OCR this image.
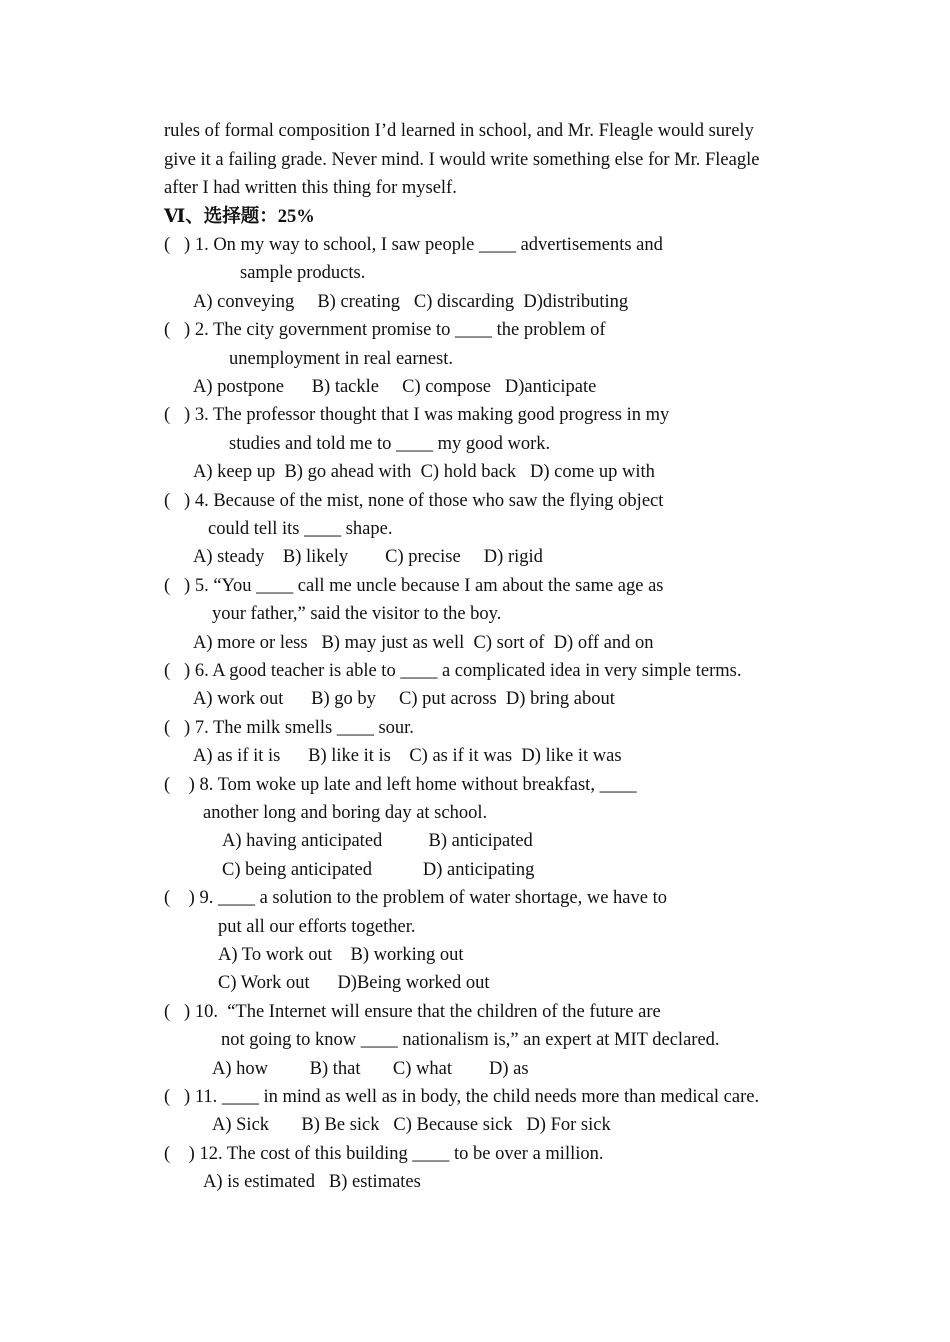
rules of formal composition I’d learned in school, and Mr. Fleagle would surely
give it a failing grade. Never mind. I would write something else for Mr. Fleagle
after I had written this thing for myself.
Ⅵ、选择题：25%
(   ) 1. On my way to school, I saw people ____ advertisements and
sample products.
A) conveying     B) creating   C) discarding  D)distributing
(   ) 2. The city government promise to ____ the problem of
unemployment in real earnest.
A) postpone      B) tackle     C) compose   D)anticipate
(   ) 3. The professor thought that I was making good progress in my
studies and told me to ____ my good work.
A) keep up  B) go ahead with  C) hold back   D) come up with
(   ) 4. Because of the mist, none of those who saw the flying object
could tell its ____ shape.
A) steady    B) likely        C) precise     D) rigid
(   ) 5. “You ____ call me uncle because I am about the same age as
your father,” said the visitor to the boy.
A) more or less   B) may just as well  C) sort of  D) off and on
(   ) 6. A good teacher is able to ____ a complicated idea in very simple terms.
A) work out      B) go by     C) put across  D) bring about
(   ) 7. The milk smells ____ sour.
A) as if it is      B) like it is    C) as if it was  D) like it was
(    ) 8. Tom woke up late and left home without breakfast, ____
another long and boring day at school.
A) having anticipated          B) anticipated
C) being anticipated           D) anticipating
(    ) 9. ____ a solution to the problem of water shortage, we have to
put all our efforts together.
A) To work out    B) working out
C) Work out      D)Being worked out
(   ) 10.  “The Internet will ensure that the children of the future are
not going to know ____ nationalism is,” an expert at MIT declared.
A) how         B) that       C) what        D) as
(   ) 11. ____ in mind as well as in body, the child needs more than medical care.
A) Sick       B) Be sick   C) Because sick   D) For sick
(    ) 12. The cost of this building ____ to be over a million.
A) is estimated   B) estimates
